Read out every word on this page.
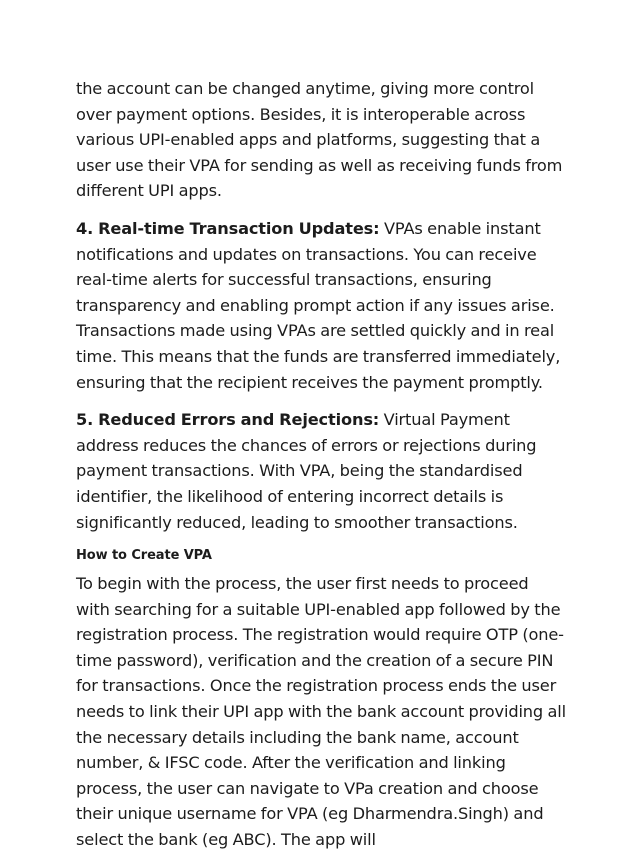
the account can be changed anytime, giving more control over payment options. Besides, it is interoperable across various UPI-enabled apps and platforms, suggesting that a user use their VPA for sending as well as receiving funds from different UPI apps.

4. Real-time Transaction Updates: VPAs enable instant notifications and updates on transactions. You can receive real-time alerts for successful transactions, ensuring transparency and enabling prompt action if any issues arise. Transactions made using VPAs are settled quickly and in real time. This means that the funds are transferred immediately, ensuring that the recipient receives the payment promptly.

5. Reduced Errors and Rejections: Virtual Payment address reduces the chances of errors or rejections during payment transactions. With VPA, being the standardised identifier, the likelihood of entering incorrect details is significantly reduced, leading to smoother transactions.

How to Create VPA

To begin with the process, the user first needs to proceed with searching for a suitable UPI-enabled app followed by the registration process. The registration would require OTP (one-time password), verification and the creation of a secure PIN for transactions. Once the registration process ends the user needs to link their UPI app with the bank account providing all the necessary details including the bank name, account number, & IFSC code. After the verification and linking process, the user can navigate to VPa creation and choose their unique username for VPA (eg Dharmendra.Singh) and select the bank (eg ABC). The app will
